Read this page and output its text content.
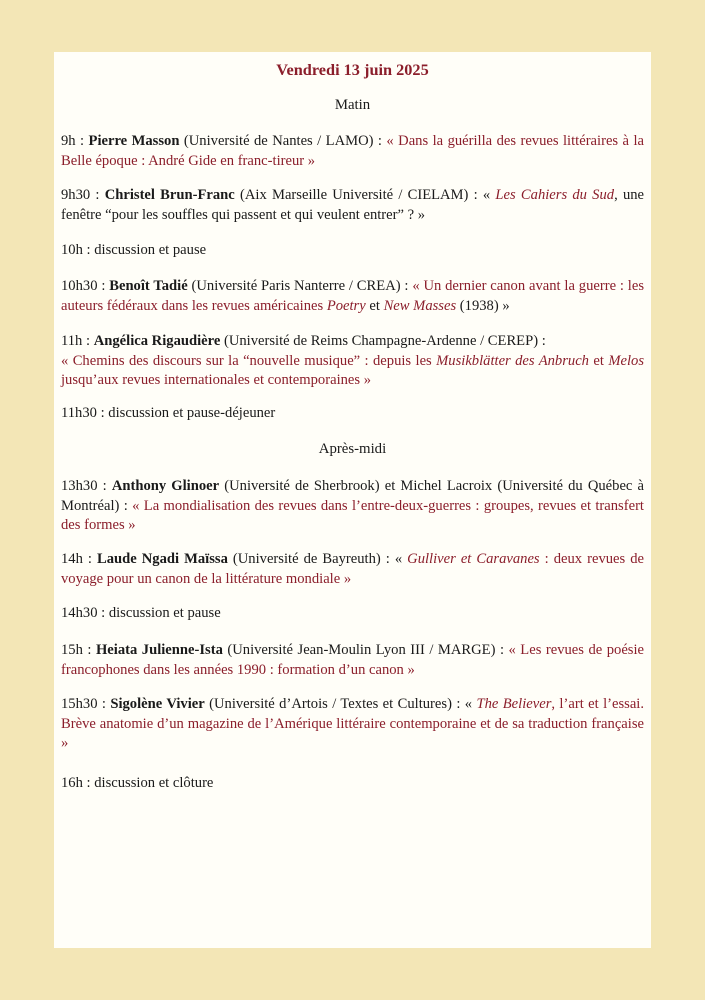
Vendredi 13 juin 2025
Matin
9h : Pierre Masson (Université de Nantes / LAMO) : « Dans la guérilla des revues littéraires à la Belle époque : André Gide en franc-tireur »
9h30 : Christel Brun-Franc (Aix Marseille Université / CIELAM) : « Les Cahiers du Sud, une fenêtre “pour les souffles qui passent et qui veulent entrer” ? »
10h : discussion et pause
10h30 : Benoît Tadié (Université Paris Nanterre / CREA) : « Un dernier canon avant la guerre : les auteurs fédéraux dans les revues américaines Poetry et New Masses (1938) »
11h : Angélica Rigaudière (Université de Reims Champagne-Ardenne / CEREP) :
« Chemins des discours sur la “nouvelle musique” : depuis les Musikblätter des Anbruch et Melos jusqu’aux revues internationales et contemporaines »
11h30 : discussion et pause-déjeuner
Après-midi
13h30 : Anthony Glinoer (Université de Sherbrook) et Michel Lacroix (Université du Québec à Montréal) : « La mondialisation des revues dans l’entre-deux-guerres : groupes, revues et transfert des formes »
14h : Laude Ngadi Maïssa (Université de Bayreuth) : « Gulliver et Caravanes : deux revues de voyage pour un canon de la littérature mondiale »
14h30 : discussion et pause
15h : Heiata Julienne-Ista (Université Jean-Moulin Lyon III / MARGE) : « Les revues de poésie francophones dans les années 1990 : formation d’un canon »
15h30 : Sigolène Vivier (Université d’Artois / Textes et Cultures) : « The Believer, l’art et l’essai. Brève anatomie d’un magazine de l’Amérique littéraire contemporaine et de sa traduction française »
16h : discussion et clôture
